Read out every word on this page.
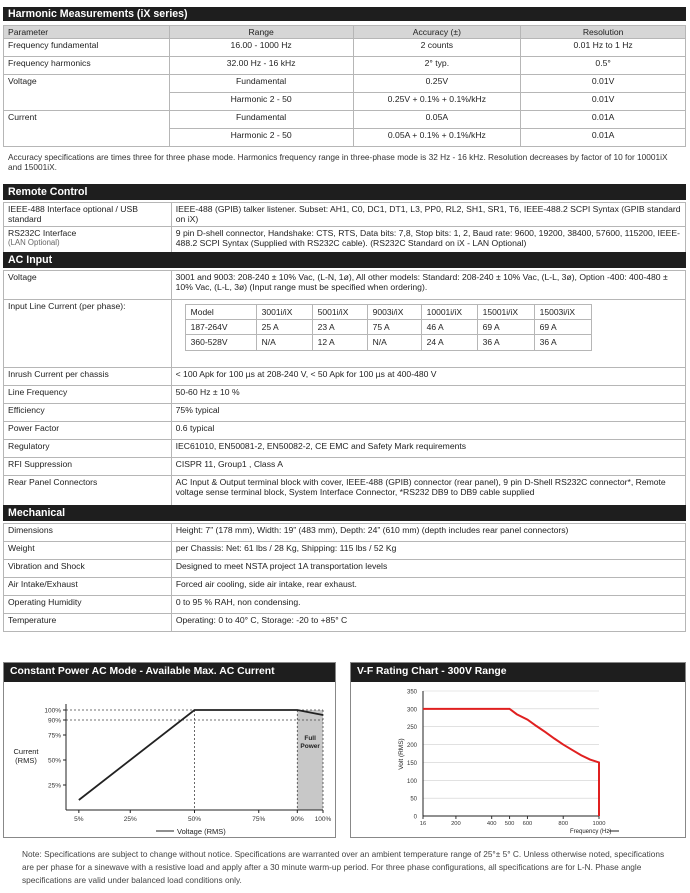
Harmonic Measurements (iX series)
Parameter	Range	Accuracy (±)	Resolution
Frequency fundamental	16.00 - 1000 Hz	2 counts	0.01 Hz to 1 Hz
Frequency harmonics	32.00 Hz - 16 kHz	2° typ.	0.5°
Voltage	Fundamental	0.25V	0.01V
	Harmonic 2 - 50	0.25V + 0.1% + 0.1%/kHz	0.01V
Current	Fundamental	0.05A	0.01A
	Harmonic 2 - 50	0.05A + 0.1% + 0.1%/kHz	0.01A
Accuracy specifications are times three for three phase mode. Harmonics frequency range in three-phase mode is 32 Hz - 16 kHz. Resolution decreases by factor of 10 for 10001iX and 15001iX.
Remote Control
IEEE-488 Interface optional / USB standard	IEEE-488 (GPIB) talker listener. Subset: AH1, C0, DC1, DT1, L3, PP0, RL2, SH1, SR1, T6, IEEE-488.2 SCPI Syntax (GPIB standard on iX)

RS232C Interface
(LAN Optional)	9 pin D-shell connector, Handshake: CTS, RTS, Data bits: 7,8, Stop bits: 1, 2, Baud rate: 9600, 19200, 38400, 57600, 115200, IEEE-488.2 SCPI Syntax (Supplied with RS232C cable). (RS232C Standard on iX - LAN Optional)
AC Input
Voltage	3001 and 9003: 208-240 ± 10% Vac, (L-N, 1ø), All other models: Standard: 208-240 ± 10% Vac, (L-L, 3ø), Option -400: 400-480 ± 10% Vac, (L-L, 3ø) (Input range must be specified when ordering).
Input Line Current (per phase):	
Model	3001i/iX	5001i/iX	9003i/iX	10001i/iX	15001i/iX	15003i/iX
187-264V	25 A	23 A	75 A	46 A	69 A	69 A
360-528V	N/A	12 A	N/A	24 A	36 A	36 A

Inrush Current per chassis	< 100 Apk for 100 µs at 208-240 V, < 50 Apk for 100 µs at 400-480 V
Line Frequency	50-60 Hz ± 10 %
Efficiency	75% typical
Power Factor	0.6 typical
Regulatory	IEC61010, EN50081-2, EN50082-2, CE EMC and Safety Mark requirements
RFI Suppression	CISPR 11, Group1 , Class A
Rear Panel Connectors	AC Input & Output terminal block with cover, IEEE-488 (GPIB) connector (rear panel), 9 pin D-Shell RS232C connector*, Remote voltage sense terminal block, System Interface Connector, *RS232 DB9 to DB9 cable supplied
Mechanical
Dimensions	Height: 7” (178 mm), Width: 19” (483 mm), Depth: 24” (610 mm) (depth includes rear panel connectors)
Weight	per Chassis: Net: 61 lbs / 28 Kg, Shipping: 115 lbs / 52 Kg
Vibration and Shock	Designed to meet NSTA project 1A transportation levels
Air Intake/Exhaust	Forced air cooling, side air intake, rear exhaust.
Operating Humidity	0 to 95 % RAH, non condensing.
Temperature	Operating: 0 to 40° C, Storage: -20 to +85° C
Constant Power AC Mode - Available Max. AC Current
100%
90%
75%
50%
25%
5%	25%	50%	75%	90% 100%
Full
Power
Current
(RMS)
Voltage (RMS)
V-F Rating Chart - 300V Range
350
300
250
200
150
100
50
0
16	200	400 500 600	800	1000
Volt (RMS)
Frequency (Hz)
Note: Specifications are subject to change without notice. Specifications are warranted over an ambient temperature range of 25°± 5° C. Unless otherwise noted, specifications are per phase for a sinewave with a resistive load and apply after a 30 minute warm-up period. For three phase configurations, all specifications are for L-N. Phase angle specifications are valid under balanced load conditions only.
